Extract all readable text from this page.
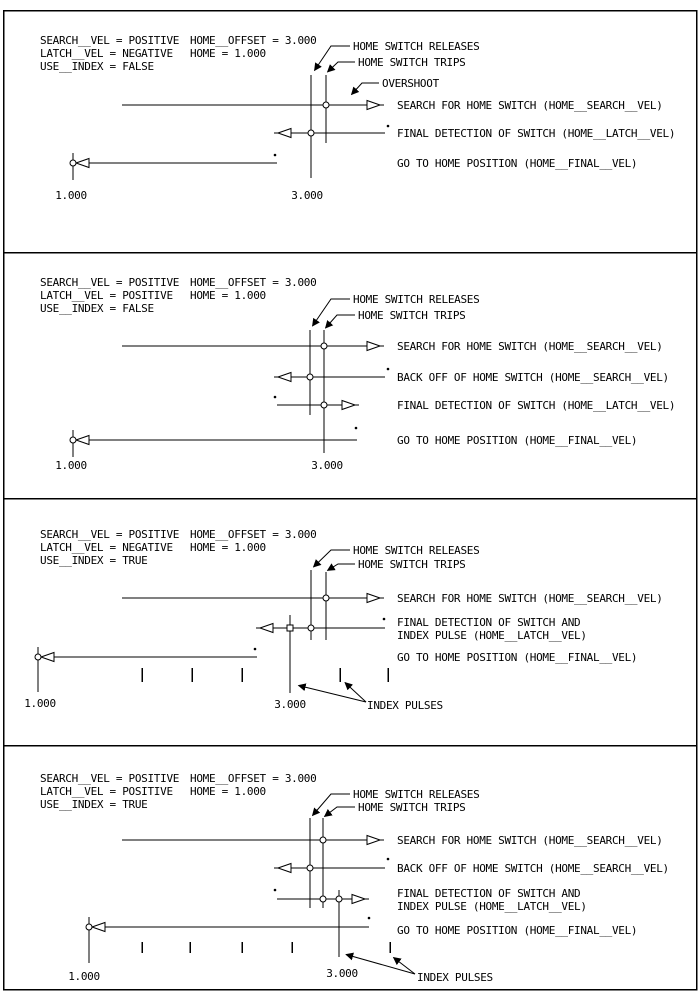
SEARCH__VEL = POSITIVE
LATCH__VEL = NEGATIVE
USE__INDEX = FALSE
HOME__OFFSET = 3.000
HOME = 1.000
HOME SWITCH RELEASES
HOME SWITCH TRIPS
OVERSHOOT
SEARCH FOR HOME SWITCH (HOME__SEARCH__VEL)
FINAL DETECTION OF SWITCH (HOME__LATCH__VEL)
GO TO HOME POSITION (HOME__FINAL__VEL)
1.000	3.000
SEARCH__VEL = POSITIVE
LATCH__VEL = POSITIVE
USE__INDEX = FALSE
HOME__OFFSET = 3.000
HOME = 1.000	HOME SWITCH RELEASES
HOME SWITCH TRIPS
SEARCH FOR HOME SWITCH (HOME__SEARCH__VEL)
BACK OFF OF HOME SWITCH (HOME__SEARCH__VEL)
FINAL DETECTION OF SWITCH (HOME__LATCH__VEL)
GO TO HOME POSITION (HOME__FINAL__VEL)
1.000	3.000
SEARCH__VEL = POSITIVE
LATCH__VEL = NEGATIVE
USE__INDEX = TRUE
HOME__OFFSET = 3.000
HOME = 1.000	HOME SWITCH RELEASES
HOME SWITCH TRIPS
SEARCH FOR HOME SWITCH (HOME__SEARCH__VEL)
FINAL DETECTION OF SWITCH AND
INDEX PULSE (HOME__LATCH__VEL)
GO TO HOME POSITION (HOME__FINAL__VEL)
INDEX PULSES
1.000	3.000
SEARCH__VEL = POSITIVE
LATCH__VEL = POSITIVE
USE__INDEX = TRUE
HOME__OFFSET = 3.000
HOME = 1.000	HOME SWITCH RELEASES
HOME SWITCH TRIPS
SEARCH FOR HOME SWITCH (HOME__SEARCH__VEL)
BACK OFF OF HOME SWITCH (HOME__SEARCH__VEL)
FINAL DETECTION OF SWITCH AND
INDEX PULSE (HOME__LATCH__VEL)
GO TO HOME POSITION (HOME__FINAL__VEL)
INDEX PULSES
1.000	3.000
